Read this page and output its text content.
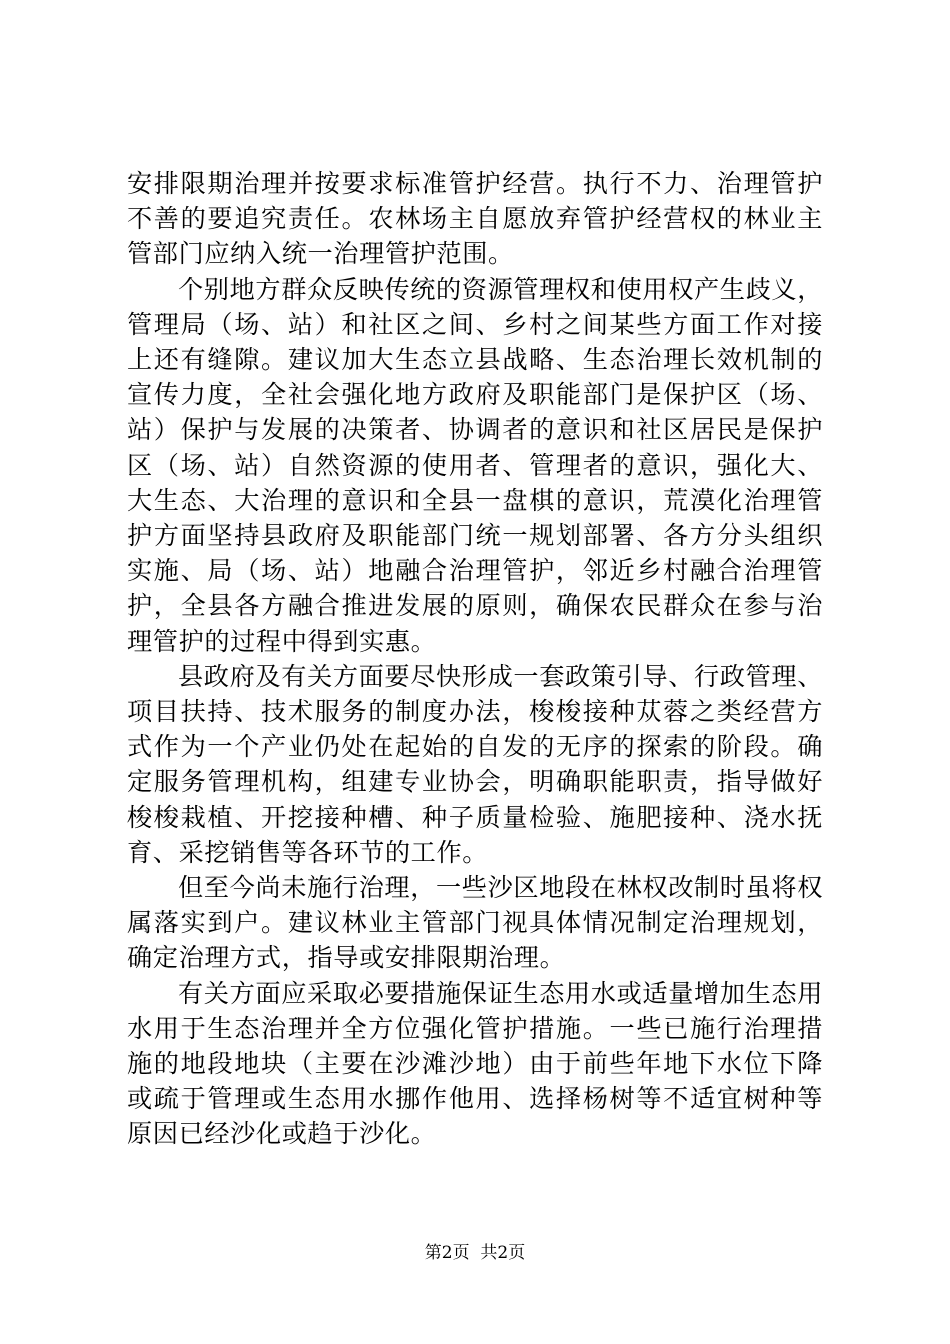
安排限期治理并按要求标准管护经营。执行不力、治理管护不善的要追究责任。农林场主自愿放弃管护经营权的林业主管部门应纳入统一治理管护范围。

个别地方群众反映传统的资源管理权和使用权产生歧义，管理局（场、站）和社区之间、乡村之间某些方面工作对接上还有缝隙。建议加大生态立县战略、生态治理长效机制的宣传力度，全社会强化地方政府及职能部门是保护区（场、站）保护与发展的决策者、协调者的意识和社区居民是保护区（场、站）自然资源的使用者、管理者的意识，强化大、大生态、大治理的意识和全县一盘棋的意识，荒漠化治理管护方面坚持县政府及职能部门统一规划部署、各方分头组织实施、局（场、站）地融合治理管护，邻近乡村融合治理管护，全县各方融合推进发展的原则，确保农民群众在参与治理管护的过程中得到实惠。

县政府及有关方面要尽快形成一套政策引导、行政管理、项目扶持、技术服务的制度办法，梭梭接种苁蓉之类经营方式作为一个产业仍处在起始的自发的无序的探索的阶段。确定服务管理机构，组建专业协会，明确职能职责，指导做好梭梭栽植、开挖接种槽、种子质量检验、施肥接种、浇水抚育、采挖销售等各环节的工作。

但至今尚未施行治理，一些沙区地段在林权改制时虽将权属落实到户。建议林业主管部门视具体情况制定治理规划，确定治理方式，指导或安排限期治理。

有关方面应采取必要措施保证生态用水或适量增加生态用水用于生态治理并全方位强化管护措施。一些已施行治理措施的地段地块（主要在沙滩沙地）由于前些年地下水位下降或疏于管理或生态用水挪作他用、选择杨树等不适宜树种等原因已经沙化或趋于沙化。

第2页 共2页
